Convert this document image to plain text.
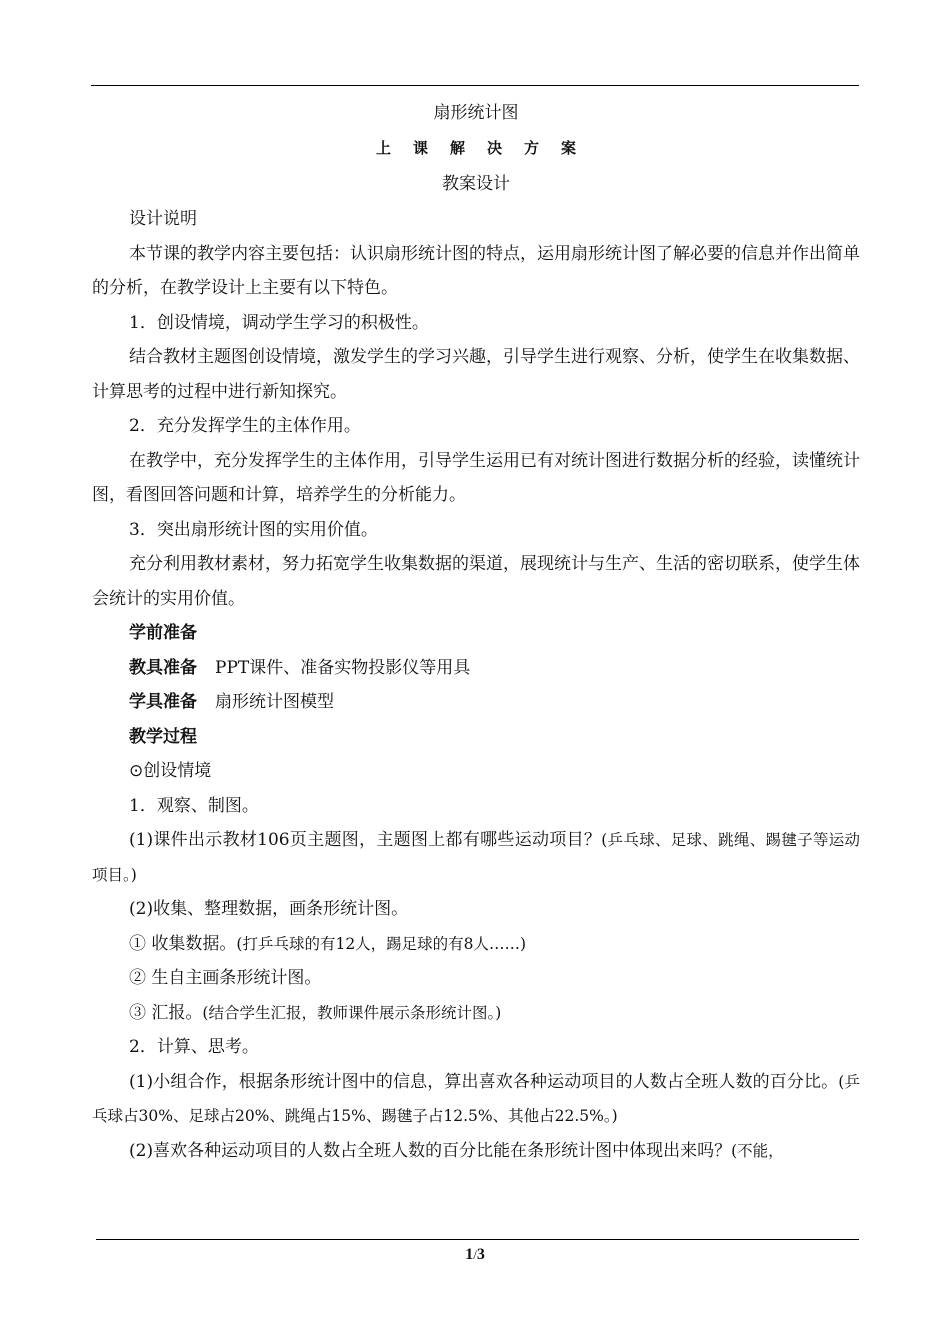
扇形统计图
上课解决方案
教案设计

设计说明

本节课的教学内容主要包括：认识扇形统计图的特点，运用扇形统计图了解必要的信息并作出简单的分析，在教学设计上主要有以下特色。

1．创设情境，调动学生学习的积极性。

结合教材主题图创设情境，激发学生的学习兴趣，引导学生进行观察、分析，使学生在收集数据、计算思考的过程中进行新知探究。

2．充分发挥学生的主体作用。

在教学中，充分发挥学生的主体作用，引导学生运用已有对统计图进行数据分析的经验，读懂统计图，看图回答问题和计算，培养学生的分析能力。

3．突出扇形统计图的实用价值。

充分利用教材素材，努力拓宽学生收集数据的渠道，展现统计与生产、生活的密切联系，使学生体会统计的实用价值。

学前准备

教具准备 PPT课件、准备实物投影仪等用具

学具准备 扇形统计图模型

教学过程

⊙创设情境

1．观察、制图。

(1)课件出示教材106页主题图，主题图上都有哪些运动项目？(乒乓球、足球、跳绳、踢毽子等运动项目。)

(2)收集、整理数据，画条形统计图。

① 收集数据。(打乒乓球的有12人，踢足球的有8人……)

② 生自主画条形统计图。

③ 汇报。(结合学生汇报，教师课件展示条形统计图。)

2．计算、思考。

(1)小组合作，根据条形统计图中的信息，算出喜欢各种运动项目的人数占全班人数的百分比。(乒乓球占30%、足球占20%、跳绳占15%、踢毽子占12.5%、其他占22.5%。)

(2)喜欢各种运动项目的人数占全班人数的百分比能在条形统计图中体现出来吗？(不能，

1/3
